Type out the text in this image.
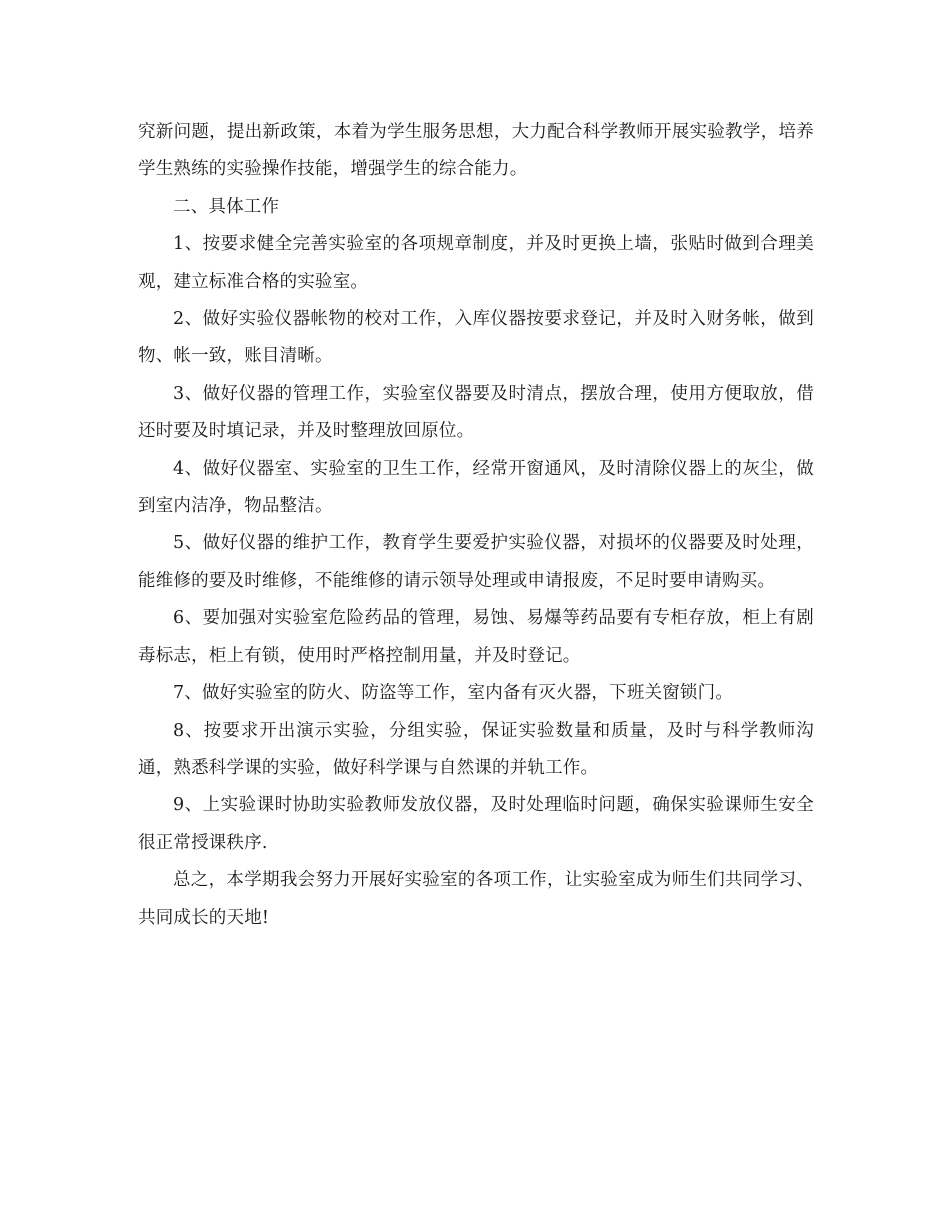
究新问题，提出新政策，本着为学生服务思想，大力配合科学教师开展实验教学，培养学生熟练的实验操作技能，增强学生的综合能力。

二、具体工作

1、按要求健全完善实验室的各项规章制度，并及时更换上墙，张贴时做到合理美观，建立标准合格的实验室。

2、做好实验仪器帐物的校对工作，入库仪器按要求登记，并及时入财务帐，做到物、帐一致，账目清晰。

3、做好仪器的管理工作，实验室仪器要及时清点，摆放合理，使用方便取放，借还时要及时填记录，并及时整理放回原位。

4、做好仪器室、实验室的卫生工作，经常开窗通风，及时清除仪器上的灰尘，做到室内洁净，物品整洁。

5、做好仪器的维护工作，教育学生要爱护实验仪器，对损坏的仪器要及时处理，能维修的要及时维修，不能维修的请示领导处理或申请报废，不足时要申请购买。

6、要加强对实验室危险药品的管理，易蚀、易爆等药品要有专柜存放，柜上有剧毒标志，柜上有锁，使用时严格控制用量，并及时登记。

7、做好实验室的防火、防盗等工作，室内备有灭火器，下班关窗锁门。

8、按要求开出演示实验，分组实验，保证实验数量和质量，及时与科学教师沟通，熟悉科学课的实验，做好科学课与自然课的并轨工作。

9、上实验课时协助实验教师发放仪器，及时处理临时问题，确保实验课师生安全很正常授课秩序.

总之，本学期我会努力开展好实验室的各项工作，让实验室成为师生们共同学习、共同成长的天地!
